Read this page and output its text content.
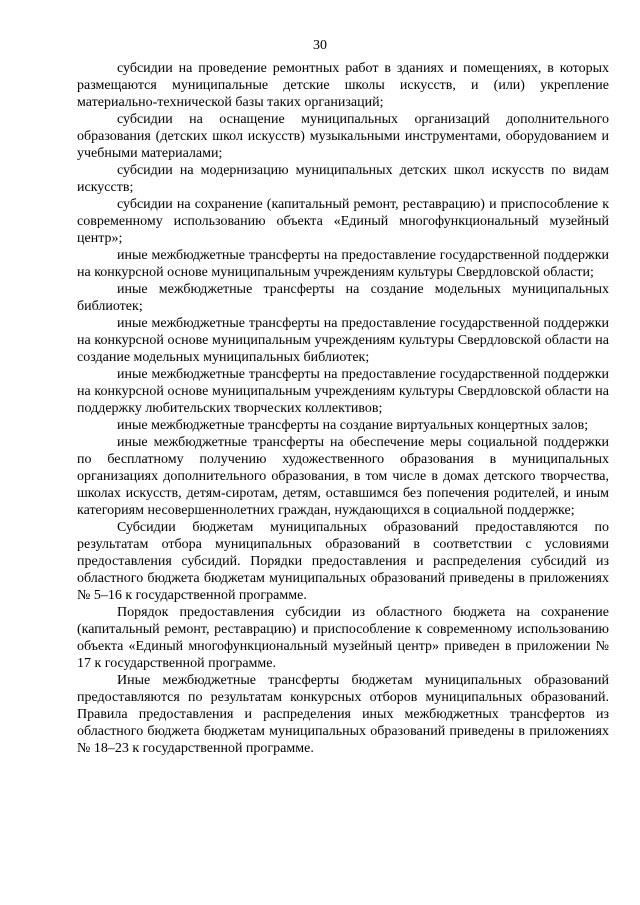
30

субсидии на проведение ремонтных работ в зданиях и помещениях, в которых размещаются муниципальные детские школы искусств, и (или) укрепление материально-технической базы таких организаций;

субсидии на оснащение муниципальных организаций дополнительного образования (детских школ искусств) музыкальными инструментами, оборудованием и учебными материалами;

субсидии на модернизацию муниципальных детских школ искусств по видам искусств;

субсидии на сохранение (капитальный ремонт, реставрацию) и приспособление к современному использованию объекта «Единый многофункциональный музейный центр»;

иные межбюджетные трансферты на предоставление государственной поддержки на конкурсной основе муниципальным учреждениям культуры Свердловской области;

иные межбюджетные трансферты на создание модельных муниципальных библиотек;

иные межбюджетные трансферты на предоставление государственной поддержки на конкурсной основе муниципальным учреждениям культуры Свердловской области на создание модельных муниципальных библиотек;

иные межбюджетные трансферты на предоставление государственной поддержки на конкурсной основе муниципальным учреждениям культуры Свердловской области на поддержку любительских творческих коллективов;

иные межбюджетные трансферты на создание виртуальных концертных залов;

иные межбюджетные трансферты на обеспечение меры социальной поддержки по бесплатному получению художественного образования в муниципальных организациях дополнительного образования, в том числе в домах детского творчества, школах искусств, детям-сиротам, детям, оставшимся без попечения родителей, и иным категориям несовершеннолетних граждан, нуждающихся в социальной поддержке;

Субсидии бюджетам муниципальных образований предоставляются по результатам отбора муниципальных образований в соответствии с условиями предоставления субсидий. Порядки предоставления и распределения субсидий из областного бюджета бюджетам муниципальных образований приведены в приложениях № 5–16 к государственной программе.

Порядок предоставления субсидии из областного бюджета на сохранение (капитальный ремонт, реставрацию) и приспособление к современному использованию объекта «Единый многофункциональный музейный центр» приведен в приложении № 17 к государственной программе.

Иные межбюджетные трансферты бюджетам муниципальных образований предоставляются по результатам конкурсных отборов муниципальных образований. Правила предоставления и распределения иных межбюджетных трансфертов из областного бюджета бюджетам муниципальных образований приведены в приложениях № 18–23 к государственной программе.
